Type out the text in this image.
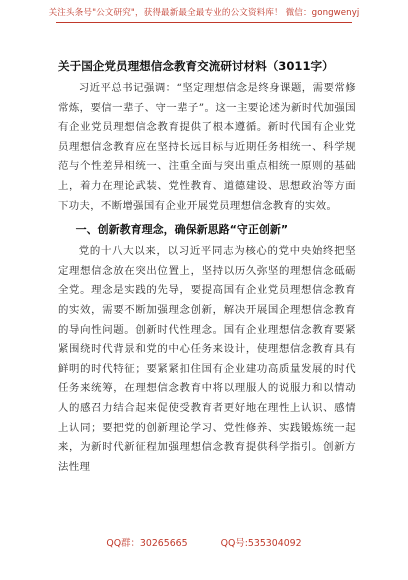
关注头条号"公文研究"，获得最新最全最专业的公文资料库！ 微信：gongwenyj
关于国企党员理想信念教育交流研讨材料（3011字）

习近平总书记强调：“坚定理想信念是终身课题，需要常修常炼，要信一辈子、守一辈子”。这一主要论述为新时代加强国有企业党员理想信念教育提供了根本遵循。新时代国有企业党员理想信念教育应在坚持长远目标与近期任务相统一、科学规范与个性差异相统一、注重全面与突出重点相统一原则的基础上，着力在理论武装、党性教育、道德建设、思想政治等方面下功夫，不断增强国有企业开展党员理想信念教育的实效。

一、创新教育理念，确保新思路“守正创新”

党的十八大以来，以习近平同志为核心的党中央始终把坚定理想信念放在突出位置上，坚持以历久弥坚的理想信念砥砺全党。理念是实践的先导，要提高国有企业党员理想信念教育的实效，需要不断加强理念创新，解决开展国企理想信念教育的导向性问题。创新时代性理念。国有企业理想信念教育要紧紧围绕时代背景和党的中心任务来设计，使理想信念教育具有鲜明的时代特征；要紧紧扣住国有企业建功高质量发展的时代任务来统筹，在理想信念教育中将以理服人的说服力和以情动人的感召力结合起来促使受教育者更好地在理性上认识、感情上认同；要把党的创新理论学习、党性修养、实践锻炼统一起来，为新时代新征程加强理想信念教育提供科学指引。创新方法性理

QQ群：30265665	QQ号:535304092
